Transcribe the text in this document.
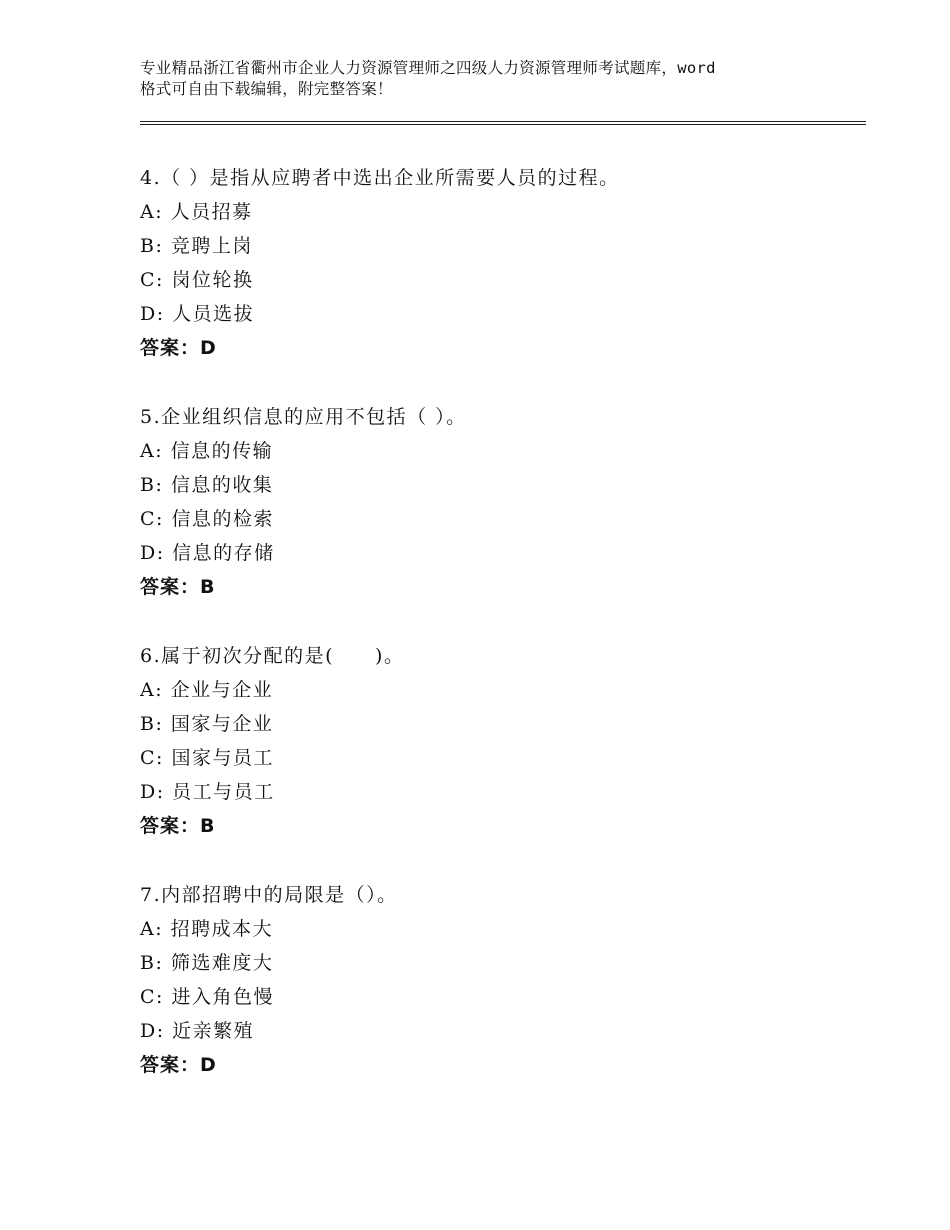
专业精品浙江省衢州市企业人力资源管理师之四级人力资源管理师考试题库，word
格式可自由下载编辑，附完整答案！
4.（ ）是指从应聘者中选出企业所需要人员的过程。
A: 人员招募
B: 竞聘上岗
C: 岗位轮换
D: 人员选拔
答案：D
5.企业组织信息的应用不包括（ ）。
A: 信息的传输
B: 信息的收集
C: 信息的检索
D: 信息的存储
答案：B
6.属于初次分配的是(　　)。
A: 企业与企业
B: 国家与企业
C: 国家与员工
D: 员工与员工
答案：B
7.内部招聘中的局限是（）。
A: 招聘成本大
B: 筛选难度大
C: 进入角色慢
D: 近亲繁殖
答案：D
